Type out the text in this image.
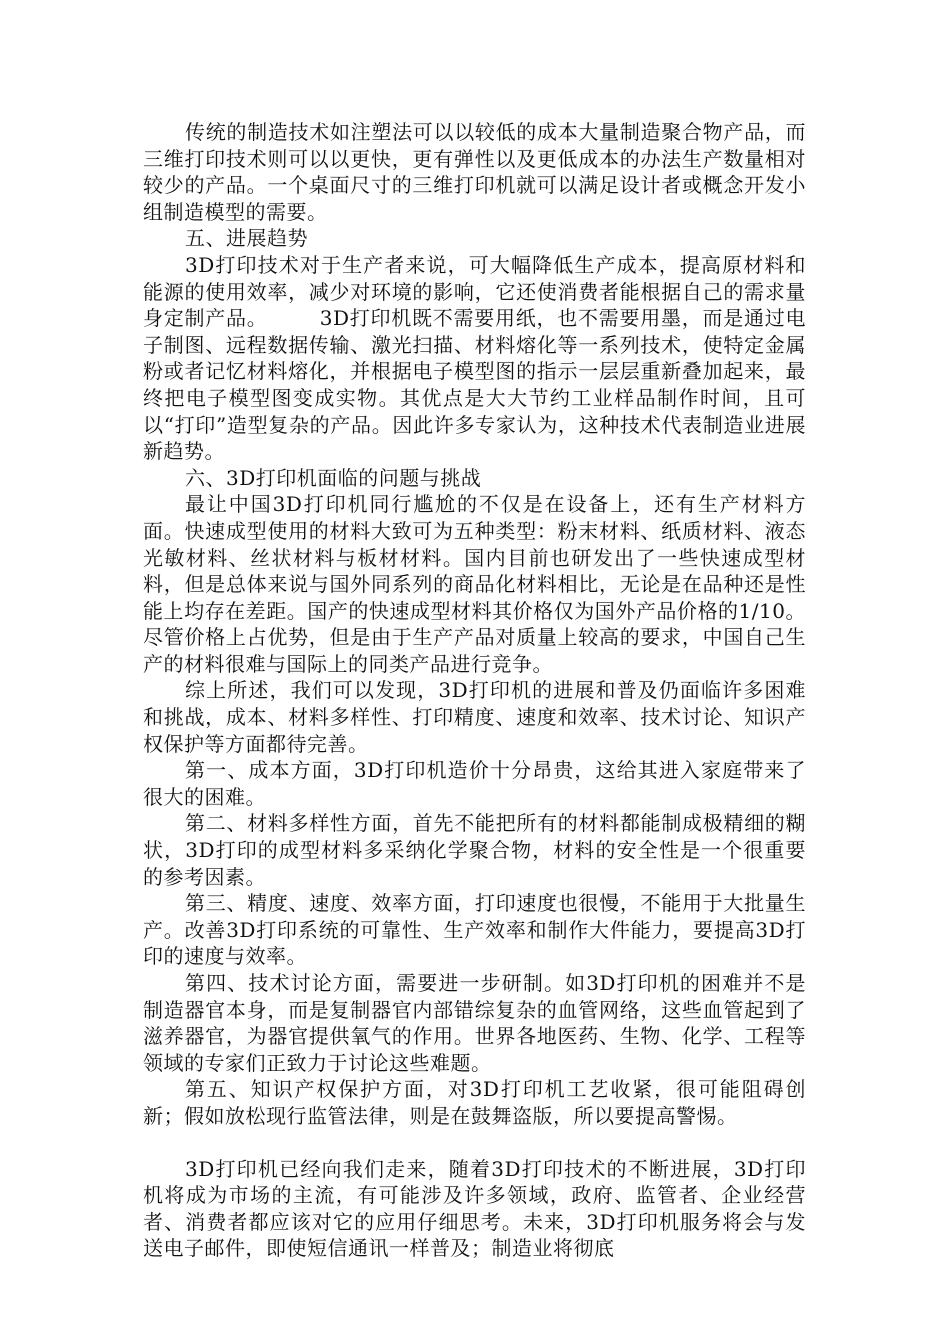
传统的制造技术如注塑法可以以较低的成本大量制造聚合物产品，而三维打印技术则可以以更快，更有弹性以及更低成本的办法生产数量相对较少的产品。一个桌面尺寸的三维打印机就可以满足设计者或概念开发小组制造模型的需要。

五、进展趋势

3D打印技术对于生产者来说，可大幅降低生产成本，提高原材料和能源的使用效率，减少对环境的影响，它还使消费者能根据自己的需求量身定制产品。　　　3D打印机既不需要用纸，也不需要用墨，而是通过电子制图、远程数据传输、激光扫描、材料熔化等一系列技术，使特定金属粉或者记忆材料熔化，并根据电子模型图的指示一层层重新叠加起来，最终把电子模型图变成实物。其优点是大大节约工业样品制作时间，且可以“打印”造型复杂的产品。因此许多专家认为，这种技术代表制造业进展新趋势。

六、3D打印机面临的问题与挑战

最让中国3D打印机同行尴尬的不仅是在设备上，还有生产材料方面。快速成型使用的材料大致可为五种类型：粉末材料、纸质材料、液态光敏材料、丝状材料与板材材料。国内目前也研发出了一些快速成型材料，但是总体来说与国外同系列的商品化材料相比，无论是在品种还是性能上均存在差距。国产的快速成型材料其价格仅为国外产品价格的1/10。尽管价格上占优势，但是由于生产产品对质量上较高的要求，中国自己生产的材料很难与国际上的同类产品进行竞争。

综上所述，我们可以发现，3D打印机的进展和普及仍面临许多困难和挑战，成本、材料多样性、打印精度、速度和效率、技术讨论、知识产权保护等方面都待完善。

第一、成本方面，3D打印机造价十分昂贵，这给其进入家庭带来了很大的困难。

第二、材料多样性方面，首先不能把所有的材料都能制成极精细的糊状，3D打印的成型材料多采纳化学聚合物，材料的安全性是一个很重要的参考因素。

第三、精度、速度、效率方面，打印速度也很慢，不能用于大批量生产。改善3D打印系统的可靠性、生产效率和制作大件能力，要提高3D打印的速度与效率。

第四、技术讨论方面，需要进一步研制。如3D打印机的困难并不是制造器官本身，而是复制器官内部错综复杂的血管网络，这些血管起到了滋养器官，为器官提供氧气的作用。世界各地医药、生物、化学、工程等领域的专家们正致力于讨论这些难题。

第五、知识产权保护方面，对3D打印机工艺收紧，很可能阻碍创新；假如放松现行监管法律，则是在鼓舞盗版，所以要提高警惕。

3D打印机已经向我们走来，随着3D打印技术的不断进展，3D打印机将成为市场的主流，有可能涉及许多领域，政府、监管者、企业经营者、消费者都应该对它的应用仔细思考。未来，3D打印机服务将会与发送电子邮件，即使短信通讯一样普及；制造业将彻底
